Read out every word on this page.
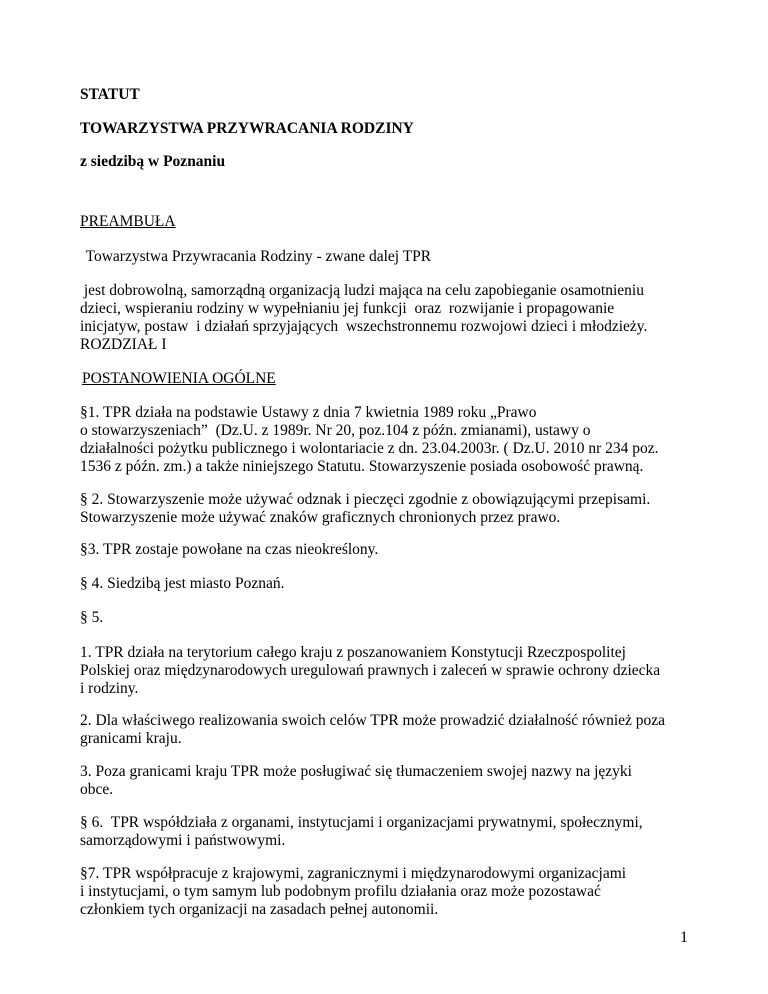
STATUT

TOWARZYSTWA PRZYWRACANIA RODZINY

z siedzibą w Poznaniu

PREAMBUŁA

Towarzystwa Przywracania Rodziny - zwane dalej TPR

jest dobrowolną, samorządną organizacją ludzi mająca na celu zapobieganie osamotnieniu
dzieci, wspieraniu rodziny w wypełnianiu jej funkcji  oraz  rozwijanie i propagowanie
inicjatyw, postaw  i działań sprzyjających  wszechstronnemu rozwojowi dzieci i młodzieży.

ROZDZIAŁ I

POSTANOWIENIA OGÓLNE

§1. TPR działa na podstawie Ustawy z dnia 7 kwietnia 1989 roku „Prawo
o stowarzyszeniach”  (Dz.U. z 1989r. Nr 20, poz.104 z późn. zmianami), ustawy o
działalności pożytku publicznego i wolontariacie z dn. 23.04.2003r. ( Dz.U. 2010 nr 234 poz.
1536 z późn. zm.) a także niniejszego Statutu. Stowarzyszenie posiada osobowość prawną.

§ 2. Stowarzyszenie może używać odznak i pieczęci zgodnie z obowiązującymi przepisami.
Stowarzyszenie może używać znaków graficznych chronionych przez prawo.

§3. TPR zostaje powołane na czas nieokreślony.

§ 4. Siedzibą jest miasto Poznań.

§ 5.

1. TPR działa na terytorium całego kraju z poszanowaniem Konstytucji Rzeczpospolitej
Polskiej oraz międzynarodowych uregulowań prawnych i zaleceń w sprawie ochrony dziecka
i rodziny.

2. Dla właściwego realizowania swoich celów TPR może prowadzić działalność również poza
granicami kraju.

3. Poza granicami kraju TPR może posługiwać się tłumaczeniem swojej nazwy na języki
obce.

§ 6.  TPR współdziała z organami, instytucjami i organizacjami prywatnymi, społecznymi,
samorządowymi i państwowymi.

§7. TPR współpracuje z krajowymi, zagranicznymi i międzynarodowymi organizacjami
i instytucjami, o tym samym lub podobnym profilu działania oraz może pozostawać
członkiem tych organizacji na zasadach pełnej autonomii.

1
